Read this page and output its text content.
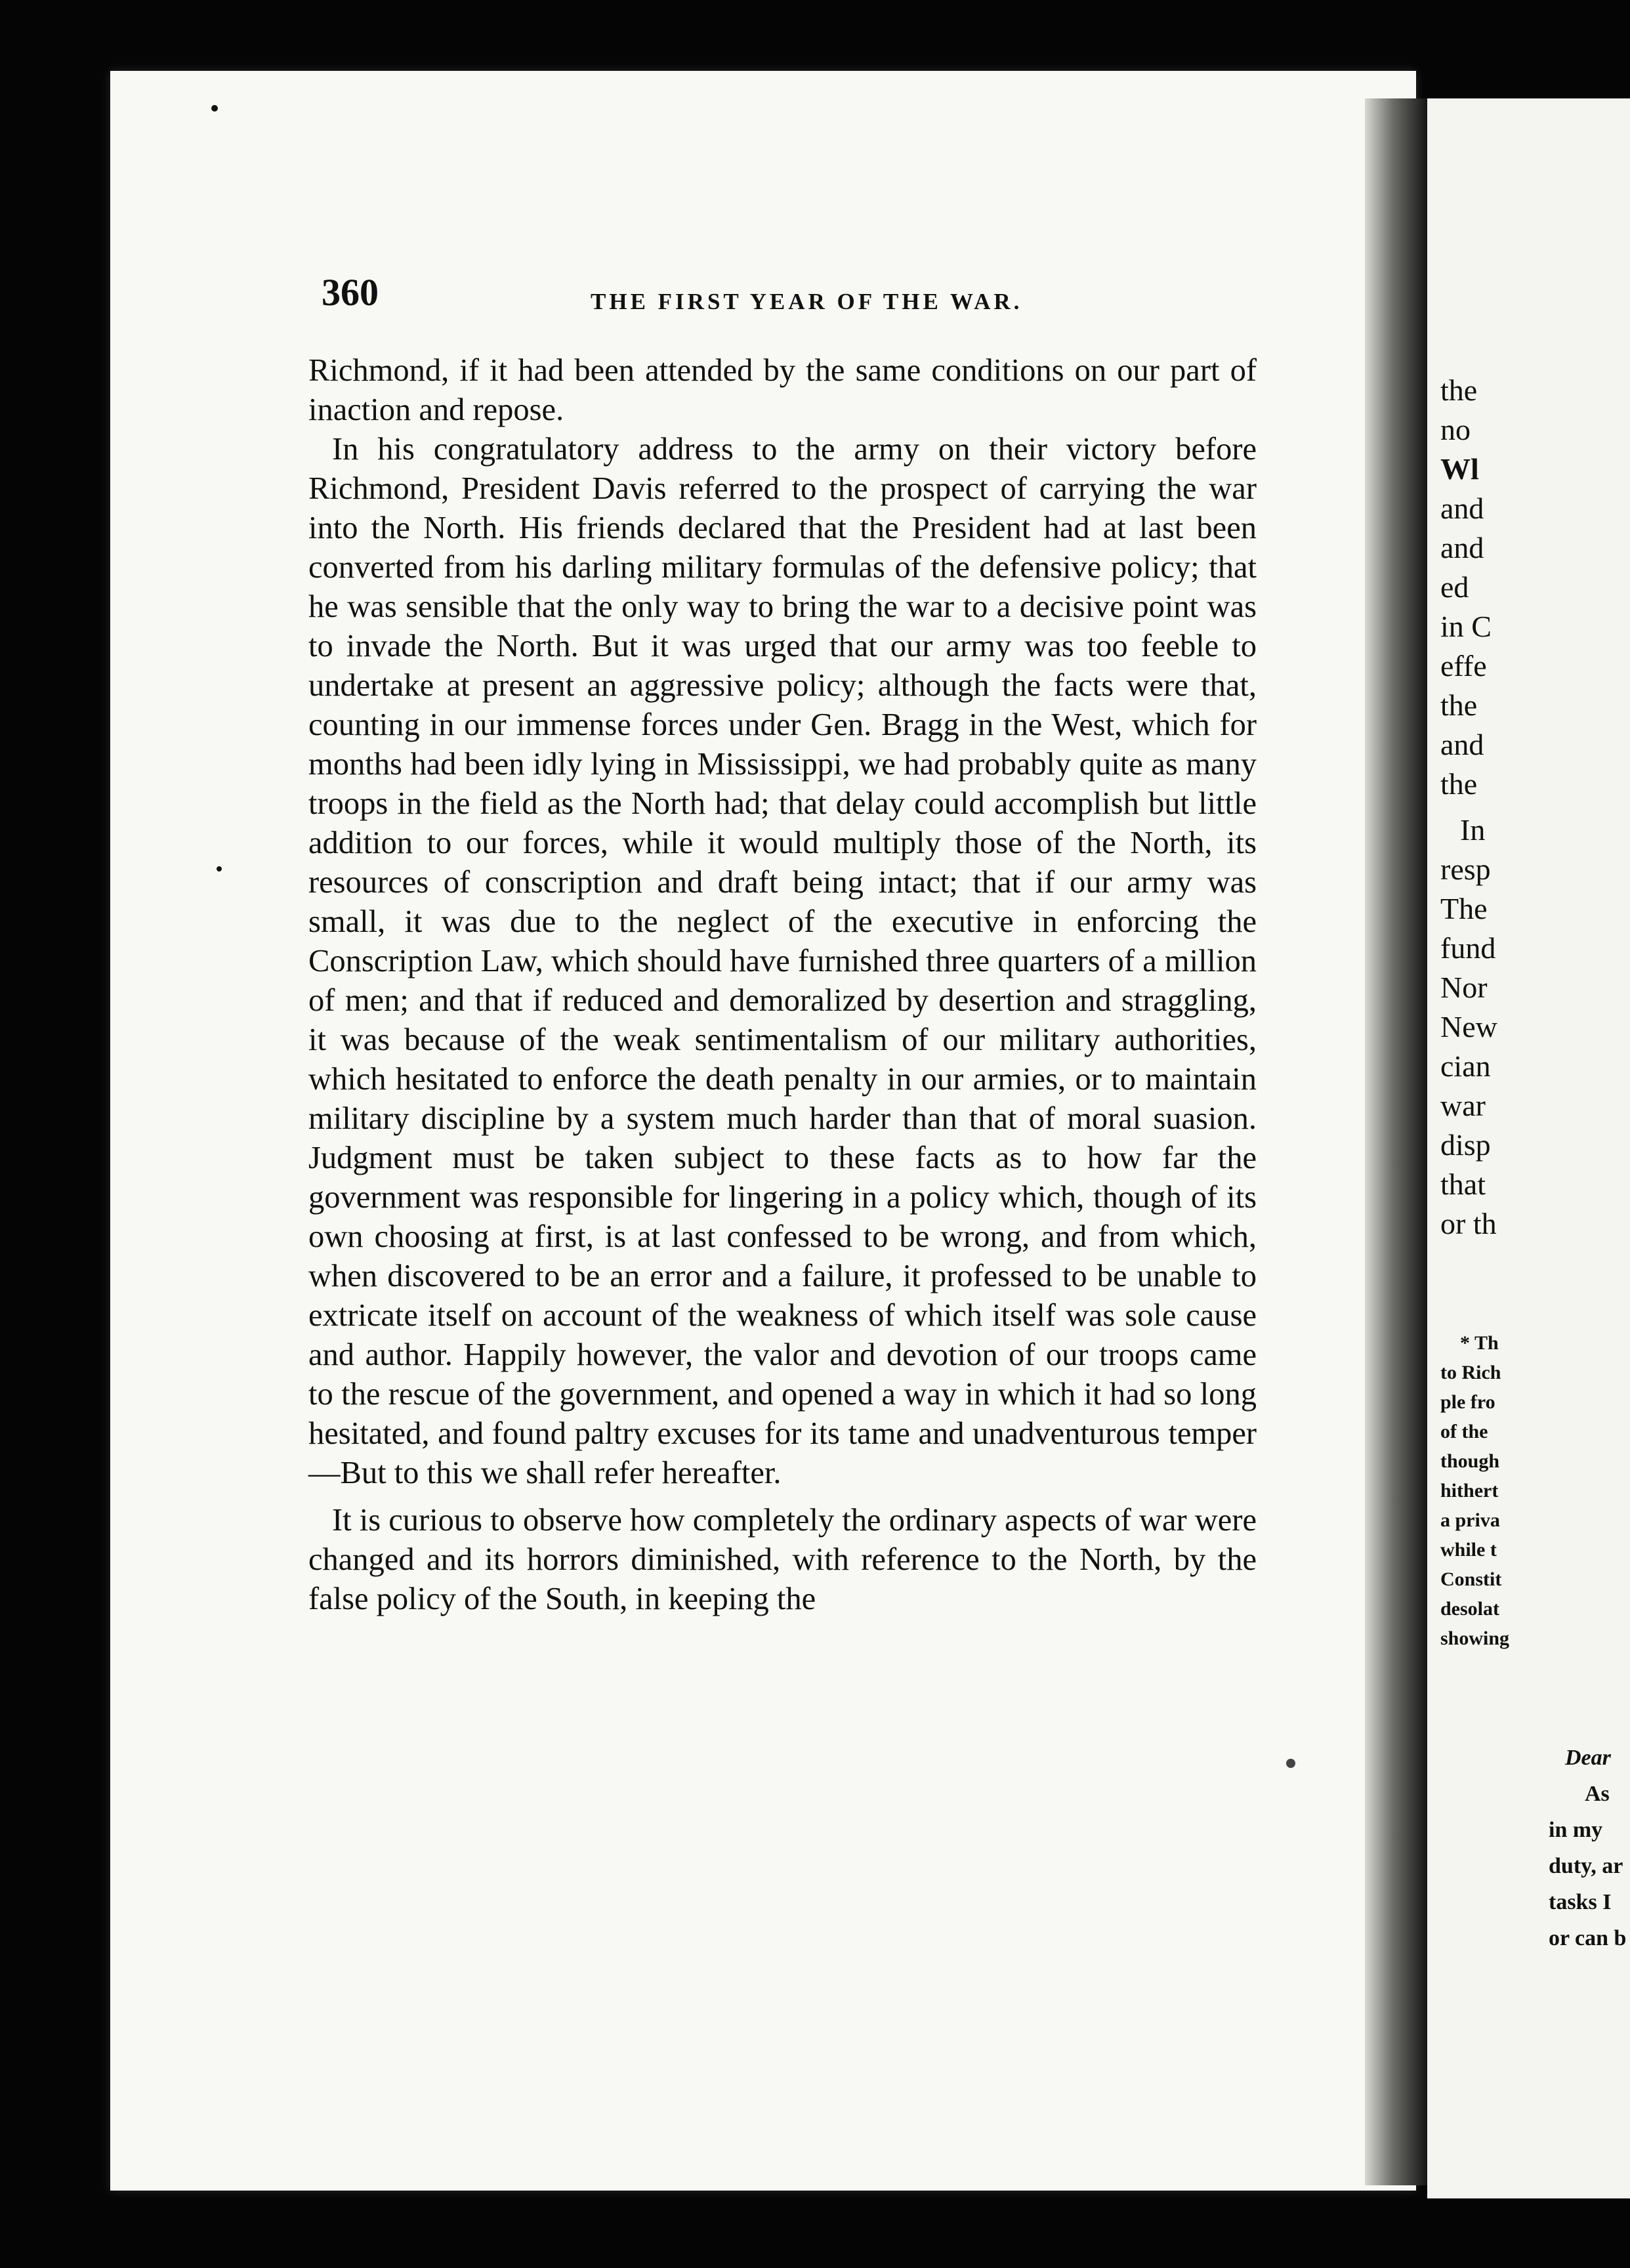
360	THE FIRST YEAR OF THE WAR.

Richmond, if it had been attended by the same conditions on our part of inaction and repose.

In his congratulatory address to the army on their victory before Richmond, President Davis referred to the prospect of carrying the war into the North. His friends declared that the President had at last been converted from his darling military formulas of the defensive policy; that he was sensible that the only way to bring the war to a decisive point was to invade the North. But it was urged that our army was too feeble to undertake at present an aggressive policy; although the facts were that, counting in our immense forces under Gen. Bragg in the West, which for months had been idly lying in Mississippi, we had probably quite as many troops in the field as the North had; that delay could accomplish but little addition to our forces, while it would multiply those of the North, its resources of conscription and draft being intact; that if our army was small, it was due to the neglect of the executive in enforcing the Conscription Law, which should have furnished three quarters of a million of men; and that if reduced and demoralized by desertion and straggling, it was because of the weak sentimentalism of our military authorities, which hesitated to enforce the death penalty in our armies, or to maintain military discipline by a system much harder than that of moral suasion. Judgment must be taken subject to these facts as to how far the government was responsible for lingering in a policy which, though of its own choosing at first, is at last confessed to be wrong, and from which, when discovered to be an error and a failure, it professed to be unable to extricate itself on account of the weakness of which itself was sole cause and author. Happily however, the valor and devotion of our troops came to the rescue of the government, and opened a way in which it had so long hesitated, and found paltry excuses for its tame and unadventurous temper—But to this we shall refer hereafter.

It is curious to observe how completely the ordinary aspects of war were changed and its horrors diminished, with reference to the North, by the false policy of the South, in keeping the

the
no
Wl
and
and
ed
in C
effe
the
and
the
In
resp
The
fund
Nor
New
cian
war
disp
that
or th
* Th
to Rich
ple fro
of the
though
hithert
a priva
while t
Constit
desolat
showing
Dear
As
in my
duty, ar
tasks I
or can b
